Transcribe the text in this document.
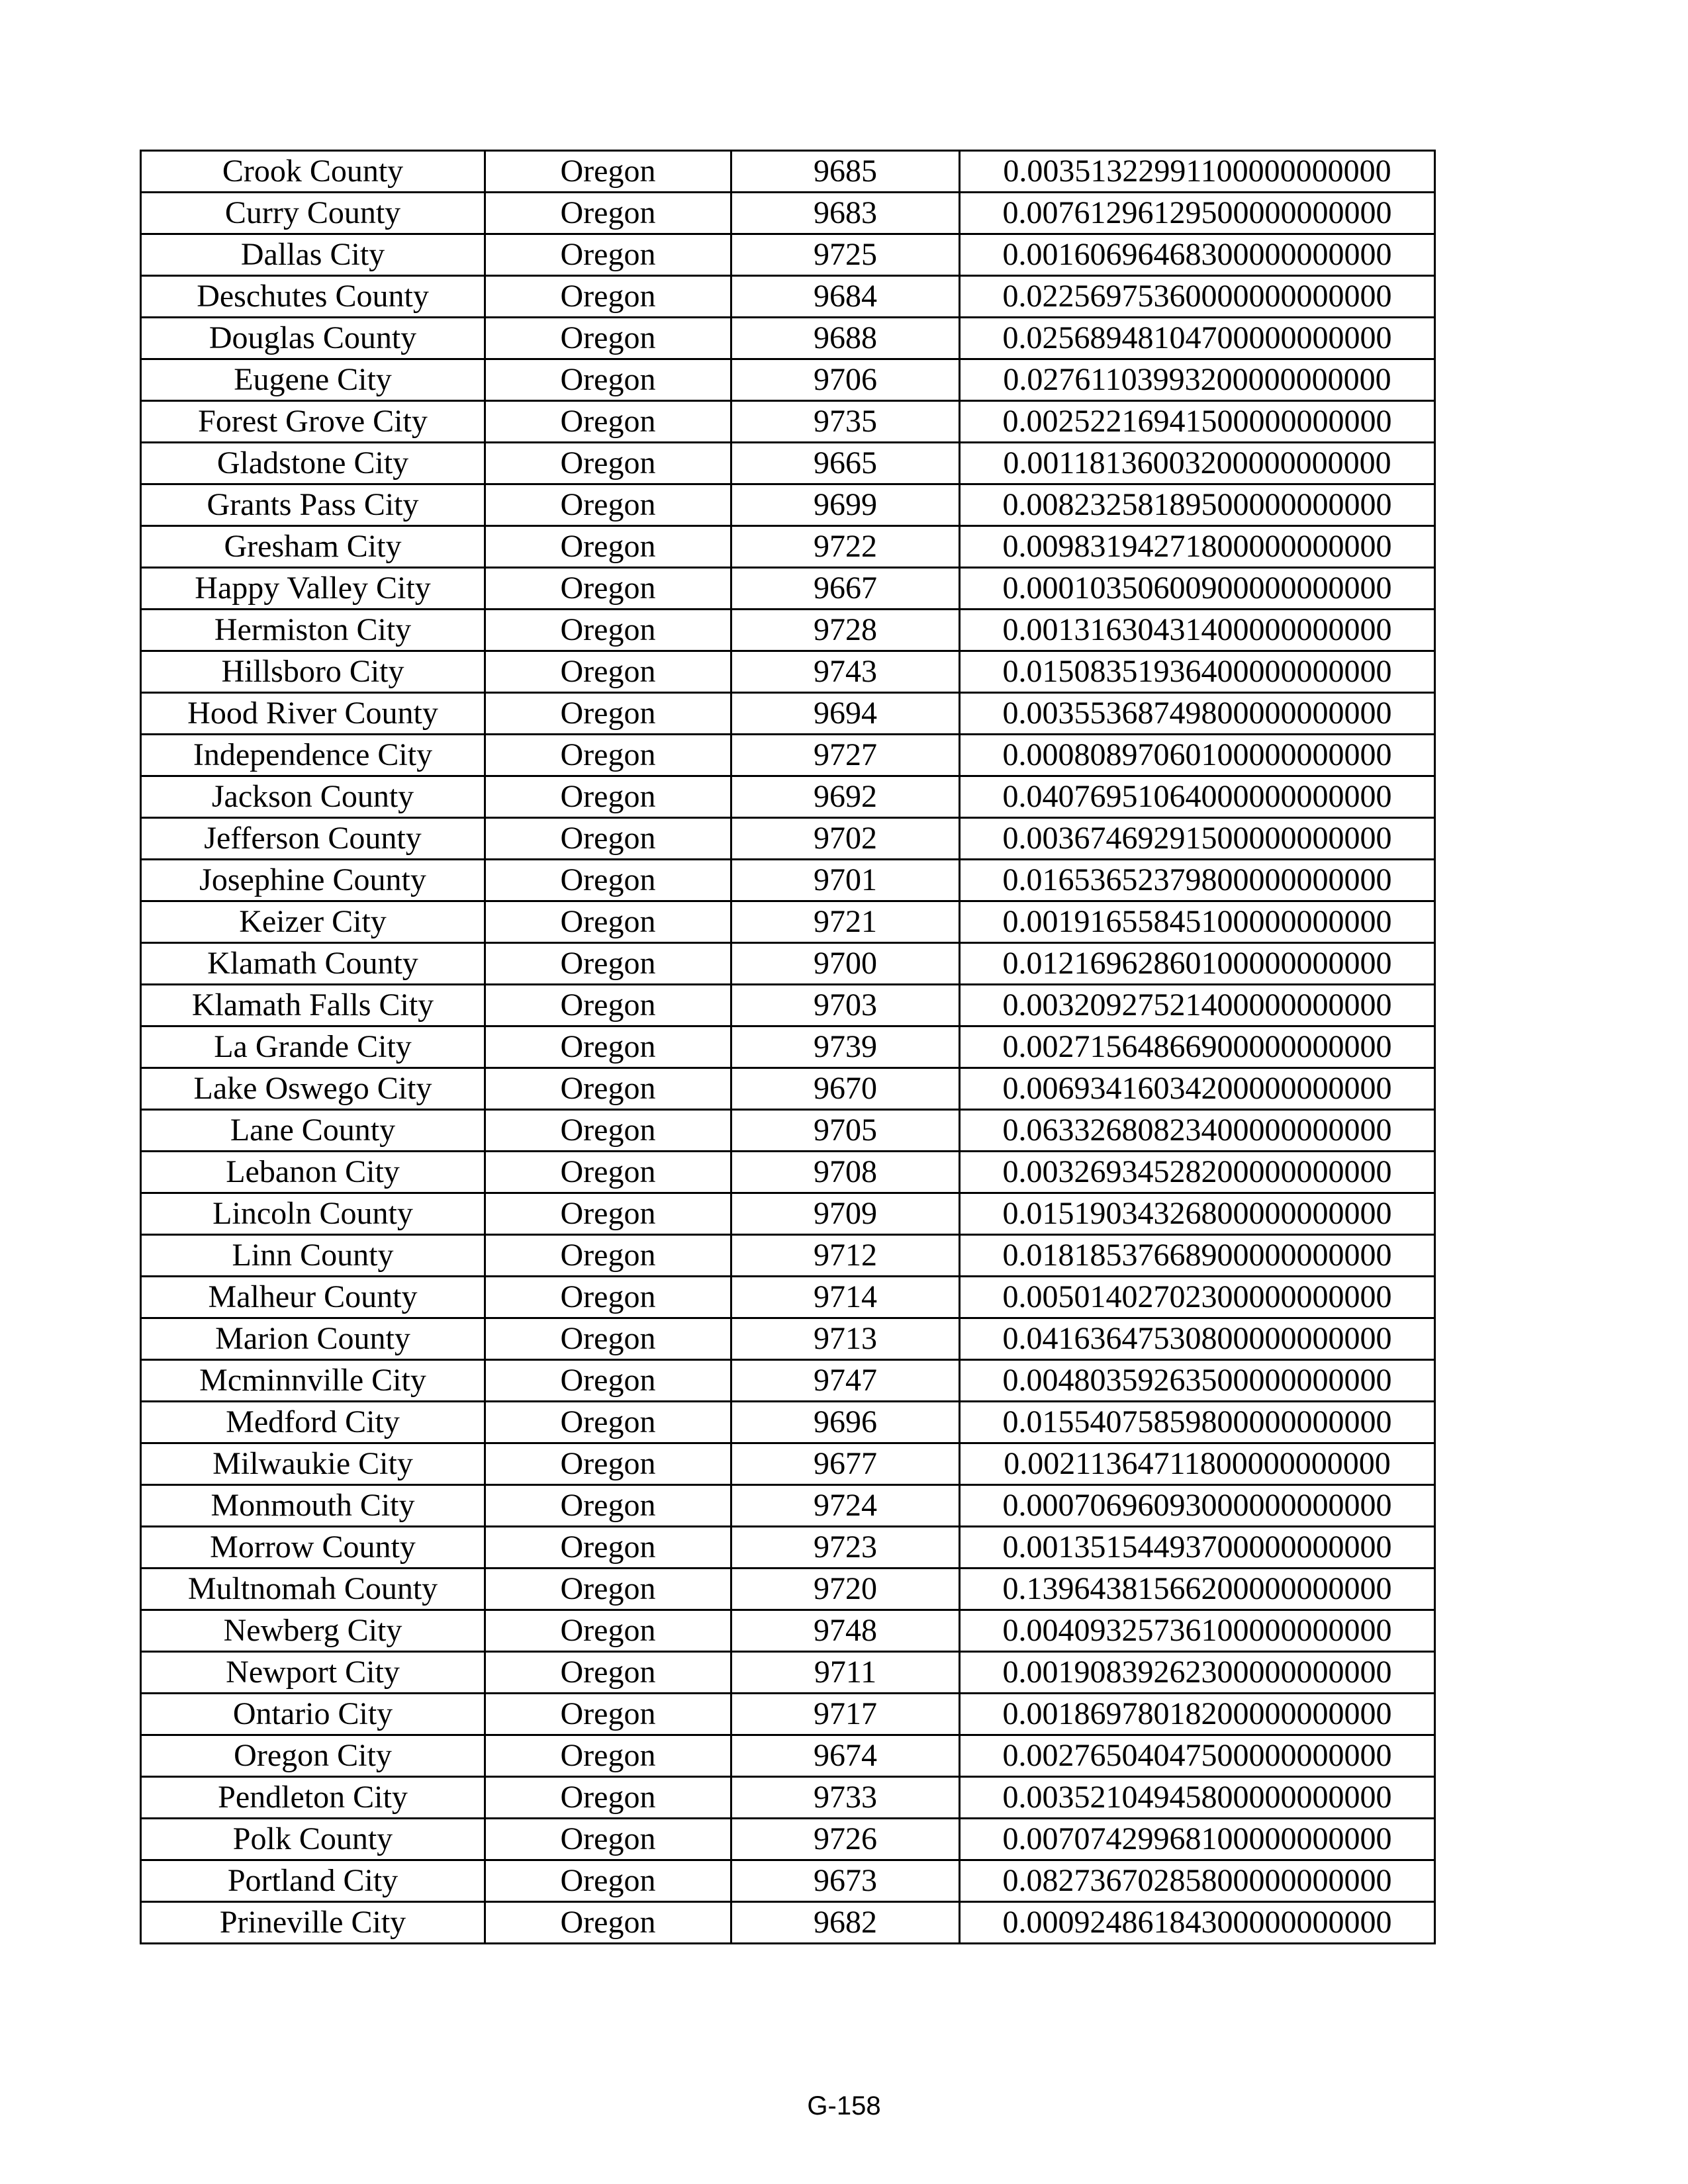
Crook County	Oregon	9685	0.00351322991100000000000
Curry County	Oregon	9683	0.00761296129500000000000
Dallas City	Oregon	9725	0.00160696468300000000000
Deschutes County	Oregon	9684	0.02256975360000000000000
Douglas County	Oregon	9688	0.02568948104700000000000
Eugene City	Oregon	9706	0.02761103993200000000000
Forest Grove City	Oregon	9735	0.00252216941500000000000
Gladstone City	Oregon	9665	0.00118136003200000000000
Grants Pass City	Oregon	9699	0.00823258189500000000000
Gresham City	Oregon	9722	0.00983194271800000000000
Happy Valley City	Oregon	9667	0.00010350600900000000000
Hermiston City	Oregon	9728	0.00131630431400000000000
Hillsboro City	Oregon	9743	0.01508351936400000000000
Hood River County	Oregon	9694	0.00355368749800000000000
Independence City	Oregon	9727	0.00080897060100000000000
Jackson County	Oregon	9692	0.04076951064000000000000
Jefferson County	Oregon	9702	0.00367469291500000000000
Josephine County	Oregon	9701	0.01653652379800000000000
Keizer City	Oregon	9721	0.00191655845100000000000
Klamath County	Oregon	9700	0.01216962860100000000000
Klamath Falls City	Oregon	9703	0.00320927521400000000000
La Grande City	Oregon	9739	0.00271564866900000000000
Lake Oswego City	Oregon	9670	0.00693416034200000000000
Lane County	Oregon	9705	0.06332680823400000000000
Lebanon City	Oregon	9708	0.00326934528200000000000
Lincoln County	Oregon	9709	0.01519034326800000000000
Linn County	Oregon	9712	0.01818537668900000000000
Malheur County	Oregon	9714	0.00501402702300000000000
Marion County	Oregon	9713	0.04163647530800000000000
Mcminnville City	Oregon	9747	0.00480359263500000000000
Medford City	Oregon	9696	0.01554075859800000000000
Milwaukie City	Oregon	9677	0.00211364711800000000000
Monmouth City	Oregon	9724	0.00070696093000000000000
Morrow County	Oregon	9723	0.00135154493700000000000
Multnomah County	Oregon	9720	0.13964381566200000000000
Newberg City	Oregon	9748	0.00409325736100000000000
Newport City	Oregon	9711	0.00190839262300000000000
Ontario City	Oregon	9717	0.00186978018200000000000
Oregon City	Oregon	9674	0.00276504047500000000000
Pendleton City	Oregon	9733	0.00352104945800000000000
Polk County	Oregon	9726	0.00707429968100000000000
Portland City	Oregon	9673	0.08273670285800000000000
Prineville City	Oregon	9682	0.00092486184300000000000
G-158
